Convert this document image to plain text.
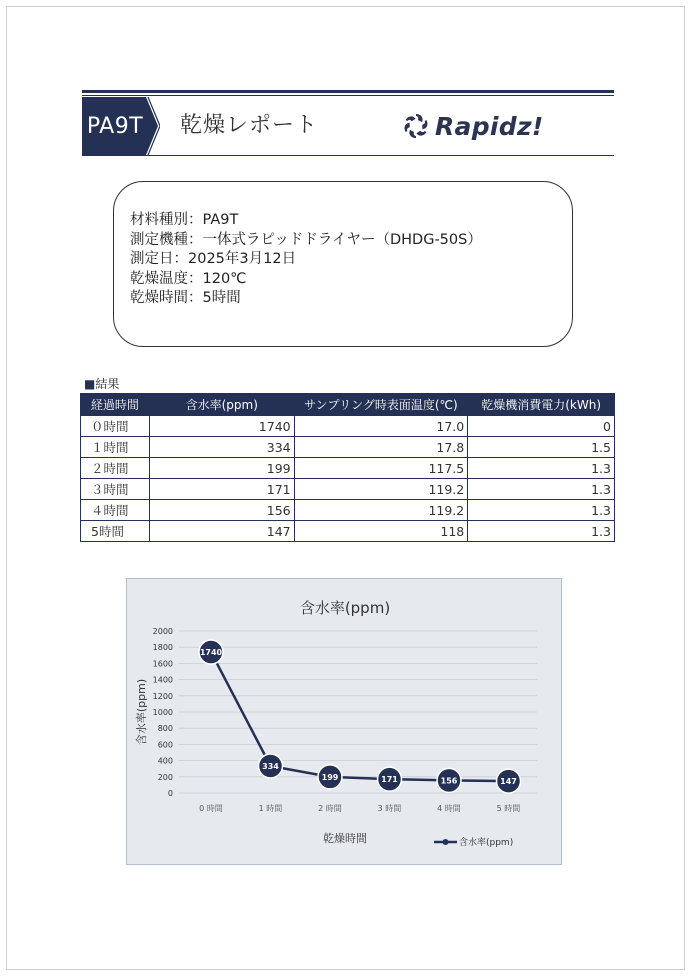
PA9T 乾燥レポート	Rapidz!
材料種別：PA9T
測定機種：一体式ラピッドドライヤー（DHDG-50S）
測定日：2025年3月12日
乾燥温度：120℃
乾燥時間：5時間
■結果
経過時間	含水率(ppm)	サンプリング時表面温度(℃)	乾燥機消費電力(kWh)
０時間	1740	17.0	0
１時間	334	17.8	1.5
２時間	199	117.5	1.3
３時間	171	119.2	1.3
４時間	156	119.2	1.3
5時間	147	118	1.3
含水率(ppm)
0
200
400
600
800
1000
1200
1400
1600
1800
2000
0 時間	1 時間	2 時間	3 時間	4 時間	5 時間
乾燥時間
含水率(ppm)
1740
334
199	171	156	147
含水率(ppm)
